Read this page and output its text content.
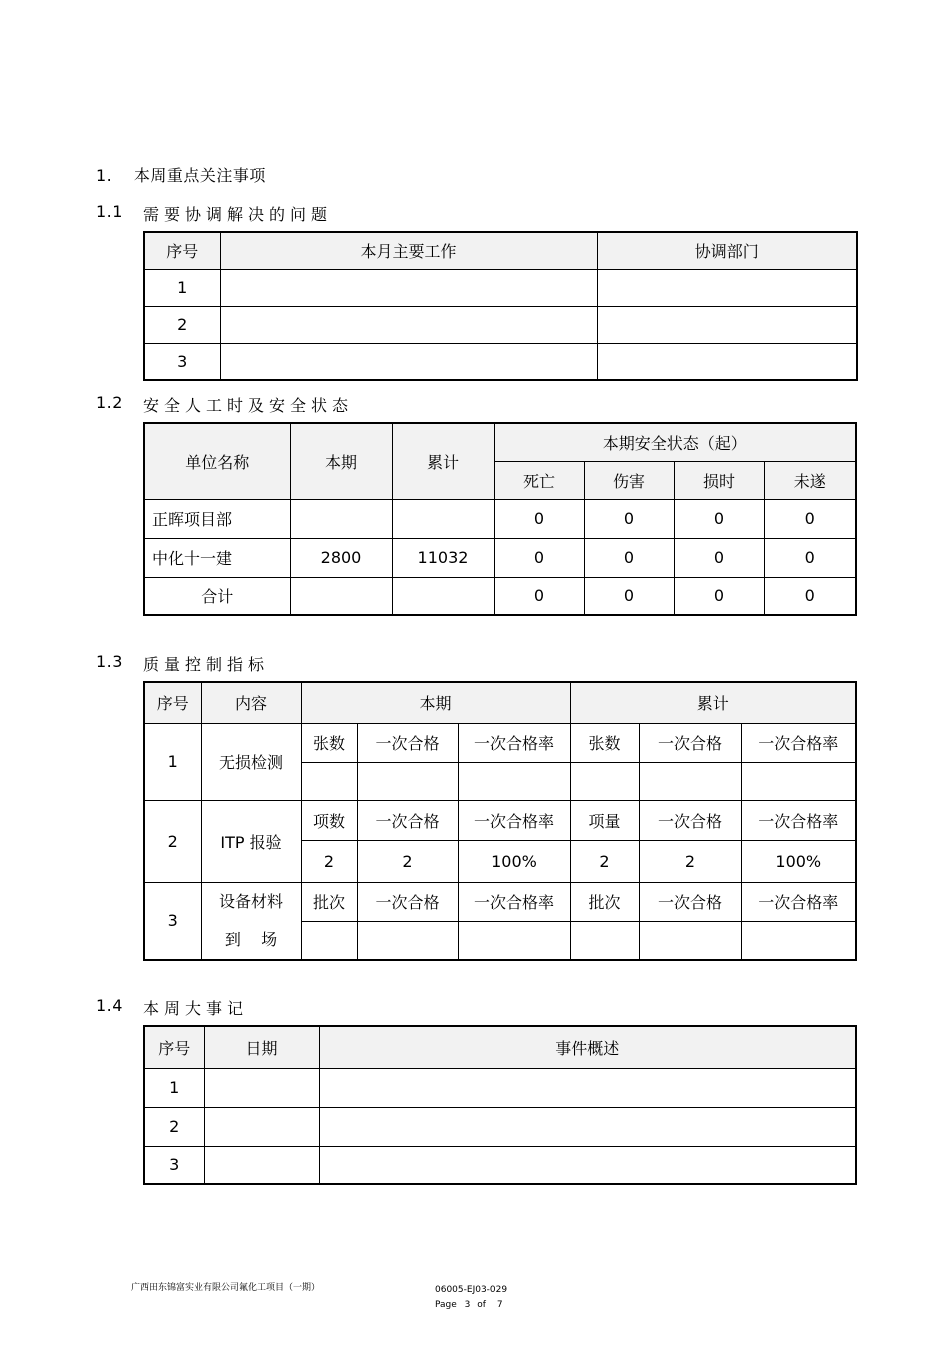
1. 本周重点关注事项
1.1 需要协调解决的问题
序号	本月主要工作	协调部门
1		
2		
3		
1.2 安全人工时及安全状态
单位名称	本期	累计	本期安全状态（起）			
			死亡	伤害	损时	未遂
正晖项目部			0	0	0	0
中化十一建	2800	11032	0	0	0	0
合计			0	0	0	0
1.3 质量控制指标
序号	内容	本期			累计		
1	无损检测	张数	一次合格	一次合格率	张数	一次合格	一次合格率

2	ITP 报验	项数	一次合格	一次合格率	项量	一次合格	一次合格率
		2	2	100%	2	2	100%
3	设备材料
到    场	批次	一次合格	一次合格率	批次	一次合格	一次合格率

1.4 本周大事记
序号	日期	事件概述
1		
2		
3		
广西田东锦富实业有限公司氟化工项目（一期）	06005-EJ03-029
Page 3 of 7
